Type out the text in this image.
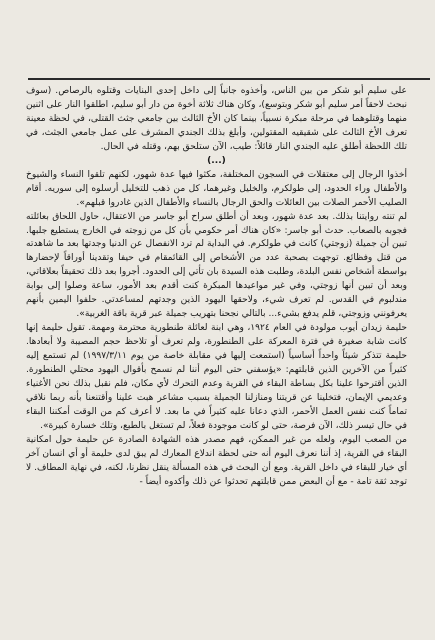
على سليم أبو شكر من بين الناس، وأخذوه جانباً إلى داخل إحدى البنايات وقتلوه بالرصاص. (سوف نبحث لاحقاً أمر سليم أبو شكر وبتوسع)، وكان هناك ثلاثة أخوة من دار أبو سليم، اطلقوا النار على اثنين منهما وقتلوهما في مرحلة مبكرة نسبياً، بينما كان الأخ الثالث بين جامعي جثث القتلى، في لحظة معينة تعرف الأخ الثالث على شقيقيه المقتولين، وأبلغ بذلك الجندي المشرف على عمل جامعي الجثث، في تلك اللحظة أطلق عليه الجندي النار قائلاً: طيب، الآن ستلحق بهم، وقتله في الحال.

(...)

أخذوا الرجال إلى معتقلات في السجون المختلفة، مكثوا فيها عدة شهور، لكنهم تلقوا النساء والشيوخ والأطفال وراء الحدود، إلى طولكرم، والخليل وغيرهما، كل من ذهب للتخليل أرسلوه إلى سوريه. أقام الصليب الأحمر الصلات بين العائلات والحق الرجال بالنساء والأطفال الذين غادروا قبلهم».

لم تنته روايتنا بذلك. بعد عدة شهور، وبعد أن أطلق سراح أبو جاسر من الاعتقال، حاول اللحاق بعائلته فجوبه بالصعاب. حدث أبو جاسر: «كان هناك أمر حكومي بأن كل من زوجته في الخارج يستطيع جلبها. تبين أن جميلة (زوجتي) كانت في طولكرم. في البداية لم ترد الانفصال عن الدنيا وجدتها بعد ما شاهدته من قتل وفظائع. توجهت بصحبة عدد من الأشخاص إلى القائمقام في حيفا وتقدينا أوراقاً لإحضارها بواسطة أشخاص نفس البلدة، وطلبت هذه السيدة بان تأتي إلى الحدود. أجروا بعد ذلك تحقيقاً بعلاقاتي، وبعد أن تبين أنها زوجتي، وفي غير مواعيدها المبكرة كنت أقدم بعد الأمور، ساعة وصلوا إلى بوابة مندلبوم في القدس. لم تعرف شيء، ولاحقها اليهود الذين وجدتهم لمساعدتي. حلفوا اليمين بأنهم يعرفونني وزوجتي، قلم يدفع بشيء... بالتالي نجحنا بتهريب جميلة عبر قرية باقة الغربية».

حليمة زيدان أيوب مولودة في العام ١٩٢٤، وهي ابنة لعائلة طنطورية محترمة ومهمة. تقول حليمة إنها كانت شابة صغيرة في فترة المعركة على الطنطورة، ولم تعرف أو تلاحظ حجم المصيبة ولا أبعادها. حليمة تتذكر شيئاً واحداً أساسياً (استمعت إليها في مقابلة خاصة من يوم ١٩٩٧/٣/١١) لم تستمع إليه كثيراً من الآخرين الذين قابلتهم: «يؤسفني حتى اليوم أننا لم نسمح بأقوال اليهود محتلي الطنطورة. الذين أقترحوا علينا بكل بساطة البقاء في القرية وعدم التحرك لأي مكان، فلم نقبل بذلك نحن الأغنياء وعديمي الإيمان، فتخلينا عن قريتنا ومنازلنا الجميلة بسبب مشاعر هبت علينا وأقتنعنا بأنه ربما نلاقي تماماً كنت نفس العمل الأحمر، الذي دعانا عليه كثيراً في ما بعد. لا أعرف كم من الوقت أمكننا البقاء في حال تيسر ذلك، الآن فرصة، حتى لو كانت موجودة فعلاً، لم تستغل بالطبع، وتلك خسارة كبيرة».

من الصعب اليوم، ولعله من غير الممكن، فهم مصدر هذه الشهادة الصادرة عن حليمة حول امكانية البقاء في القرية، إذ أننا نعرف اليوم أنه حتى لحظة اندلاع المعارك لم يبق لدى حليمة أو أي انسان آخر أي خيار للبقاء في داخل القرية. ومع أن البحث في هذه المسألة ينقل نظرنا، لكنه، في نهاية المطاف. لا توجد ثقة تامة - مع أن البعض ممن قابلتهم تحدثوا عن ذلك وأكدوه أيضاً -
